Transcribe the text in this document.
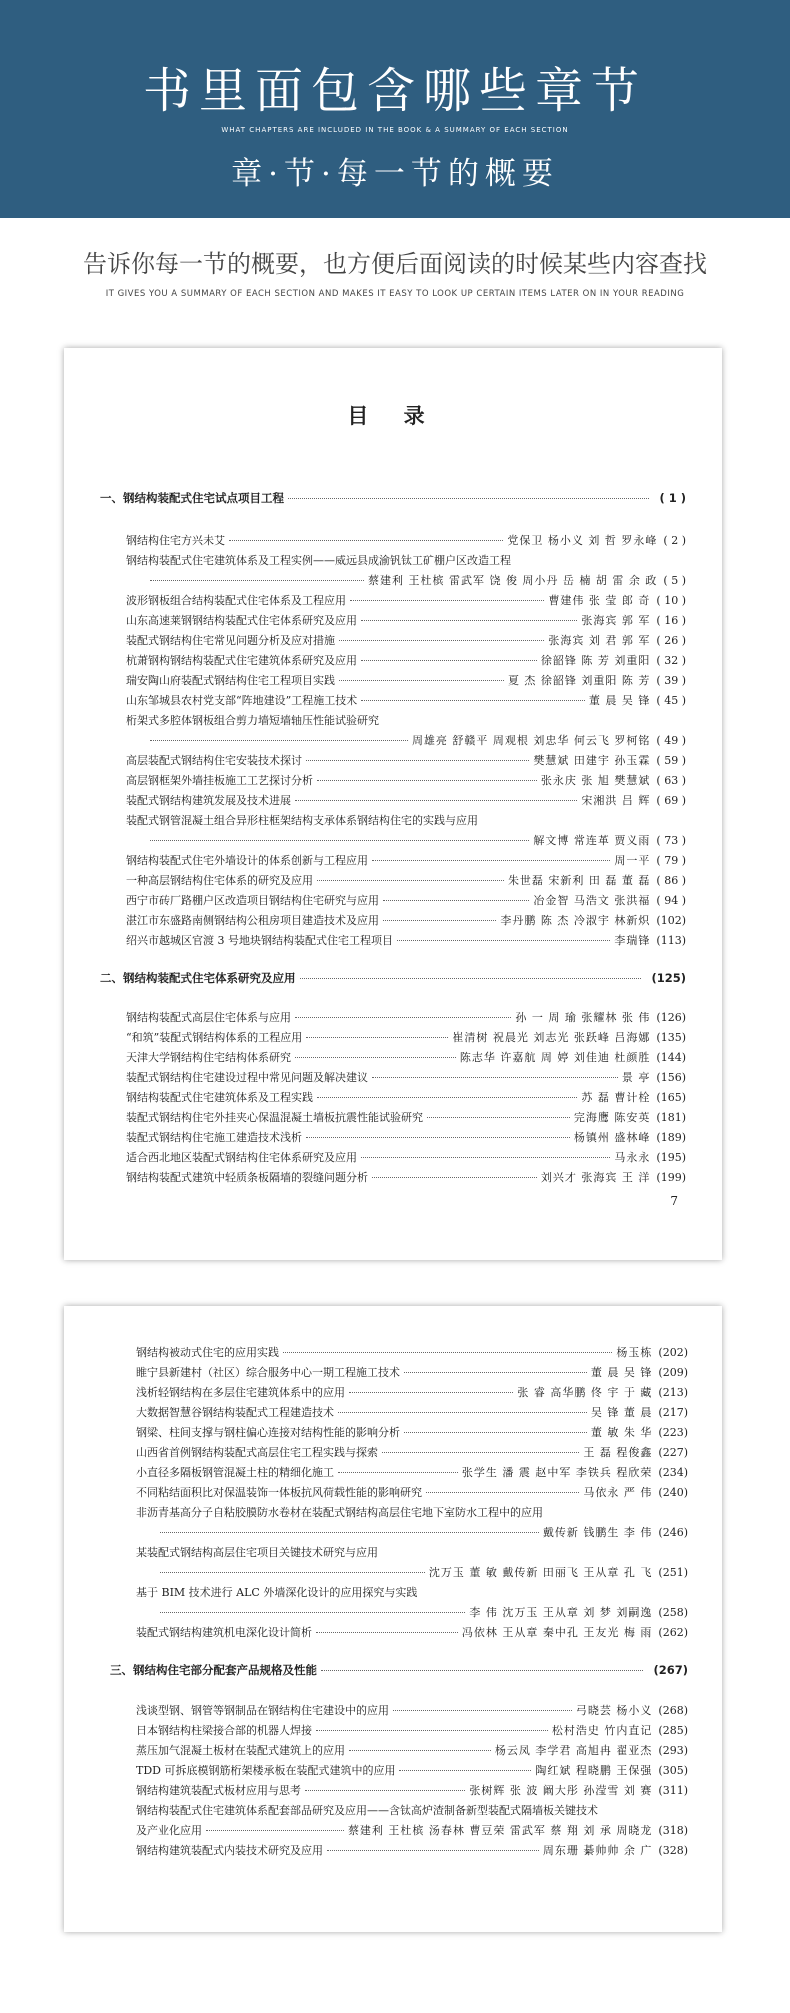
书里面包含哪些章节
WHAT CHAPTERS ARE INCLUDED IN THE BOOK & A SUMMARY OF EACH SECTION
章·节·每一节的概要
告诉你每一节的概要，也方便后面阅读的时候某些内容查找
IT GIVES YOU A SUMMARY OF EACH SECTION AND MAKES IT EASY TO LOOK UP CERTAIN ITEMS LATER ON IN YOUR READING
目 录
7
一、钢结构装配式住宅试点项目工程	( 1 )
钢结构住宅方兴未艾	党保卫 杨小义 刘 哲 罗永峰 ( 2 )
钢结构装配式住宅建筑体系及工程实例——威远县成渝钒钛工矿棚户区改造工程
蔡建利 王杜槟 雷武军 饶 俊 周小丹 岳 楠 胡 雷 余 政 ( 5 )
波形钢板组合结构装配式住宅体系及工程应用	曹建伟 张 莹 郎 奇 ( 10 )
山东高速莱钢钢结构装配式住宅体系研究及应用	张海宾 郭 军 ( 16 )
装配式钢结构住宅常见问题分析及应对措施	张海宾 刘 君 郭 军 ( 26 )
杭萧钢构钢结构装配式住宅建筑体系研究及应用	徐韶锋 陈 芳 刘重阳 ( 32 )
瑞安陶山府装配式钢结构住宅工程项目实践	夏 杰 徐韶锋 刘重阳 陈 芳 ( 39 )
山东邹城县农村党支部“阵地建设”工程施工技术	董 晨 吴 锋 ( 45 )
桁架式多腔体钢板组合剪力墙短墙轴压性能试验研究
周雄亮 舒赣平 周观根 刘忠华 何云飞 罗柯铭 ( 49 )
高层装配式钢结构住宅安装技术探讨	樊慧斌 田建宇 孙玉霖 ( 59 )
高层钢框架外墙挂板施工工艺探讨分析	张永庆 张 旭 樊慧斌 ( 63 )
装配式钢结构建筑发展及技术进展	宋湘洪 吕 辉 ( 69 )
装配式钢管混凝土组合异形柱框架结构支承体系钢结构住宅的实践与应用
解文博 常连革 贾义雨 ( 73 )
钢结构装配式住宅外墙设计的体系创新与工程应用	周一平 ( 79 )
一种高层钢结构住宅体系的研究及应用	朱世磊 宋新利 田 磊 董 磊 ( 86 )
西宁市砖厂路棚户区改造项目钢结构住宅研究与应用	冶金智 马浩文 张洪福 ( 94 )
湛江市东盛路南侧钢结构公租房项目建造技术及应用	李丹鹏 陈 杰 冷淑宇 林新炽 (102)
绍兴市越城区官渡 3 号地块钢结构装配式住宅工程项目	李瑞锋 (113)
二、钢结构装配式住宅体系研究及应用	(125)
钢结构装配式高层住宅体系与应用	孙 一 周 瑜 张耀林 张 伟 (126)
“和筑”装配式钢结构体系的工程应用	崔清树 祝晨光 刘志光 张跃峰 吕海娜 (135)
天津大学钢结构住宅结构体系研究	陈志华 许嘉航 周 婷 刘佳迪 杜颜胜 (144)
装配式钢结构住宅建设过程中常见问题及解决建议	景 亭 (156)
钢结构装配式住宅建筑体系及工程实践	苏 磊 曹计栓 (165)
装配式钢结构住宅外挂夹心保温混凝土墙板抗震性能试验研究	完海鹰 陈安英 (181)
装配式钢结构住宅施工建造技术浅析	杨镇州 盛林峰 (189)
适合西北地区装配式钢结构住宅体系研究及应用	马永永 (195)
钢结构装配式建筑中轻质条板隔墙的裂缝问题分析	刘兴才 张海宾 王 洋 (199)
钢结构被动式住宅的应用实践	杨玉栋 (202)
睢宁县新建村（社区）综合服务中心一期工程施工技术	董 晨 吴 锋 (209)
浅析轻钢结构在多层住宅建筑体系中的应用	张 睿 高华鹏 佟 宇 于 藏 (213)
大数据智慧谷钢结构装配式工程建造技术	吴 锋 董 晨 (217)
钢梁、柱间支撑与钢柱偏心连接对结构性能的影响分析	董 敏 朱 华 (223)
山西省首例钢结构装配式高层住宅工程实践与探索	王 磊 程俊鑫 (227)
小直径多隔板钢管混凝土柱的精细化施工	张学生 潘 震 赵中军 李铁兵 程欣荣 (234)
不同粘结面积比对保温装饰一体板抗风荷载性能的影响研究	马依永 严 伟 (240)
非沥青基高分子自粘胶膜防水卷材在装配式钢结构高层住宅地下室防水工程中的应用
戴传新 钱鹏生 李 伟 (246)
某装配式钢结构高层住宅项目关键技术研究与应用
沈万玉 董 敏 戴传新 田丽飞 王从章 孔 飞 (251)
基于 BIM 技术进行 ALC 外墙深化设计的应用探究与实践
李 伟 沈万玉 王从章 刘 梦 刘嗣逸 (258)
装配式钢结构建筑机电深化设计简析	冯依林 王从章 秦中孔 王友光 梅 雨 (262)
三、钢结构住宅部分配套产品规格及性能	(267)
浅谈型钢、钢管等钢制品在钢结构住宅建设中的应用	弓晓芸 杨小义 (268)
日本钢结构柱梁接合部的机器人焊接	松村浩史 竹内直记 (285)
蒸压加气混凝土板材在装配式建筑上的应用	杨云凤 李学君 高旭冉 翟亚杰 (293)
TDD 可拆底模钢筋桁架楼承板在装配式建筑中的应用	陶红斌 程晓鹏 王保强 (305)
钢结构建筑装配式板材应用与思考	张树辉 张 波 阚大彤 孙滢雪 刘 赛 (311)
钢结构装配式住宅建筑体系配套部品研究及应用——含钛高炉渣制备新型装配式隔墙板关键技术
及产业化应用	蔡建利 王杜槟 汤春林 曹豆荣 雷武军 蔡 翔 刘 承 周晓龙 (318)
钢结构建筑装配式内装技术研究及应用	周东珊 綦帅帅 余 广 (328)
